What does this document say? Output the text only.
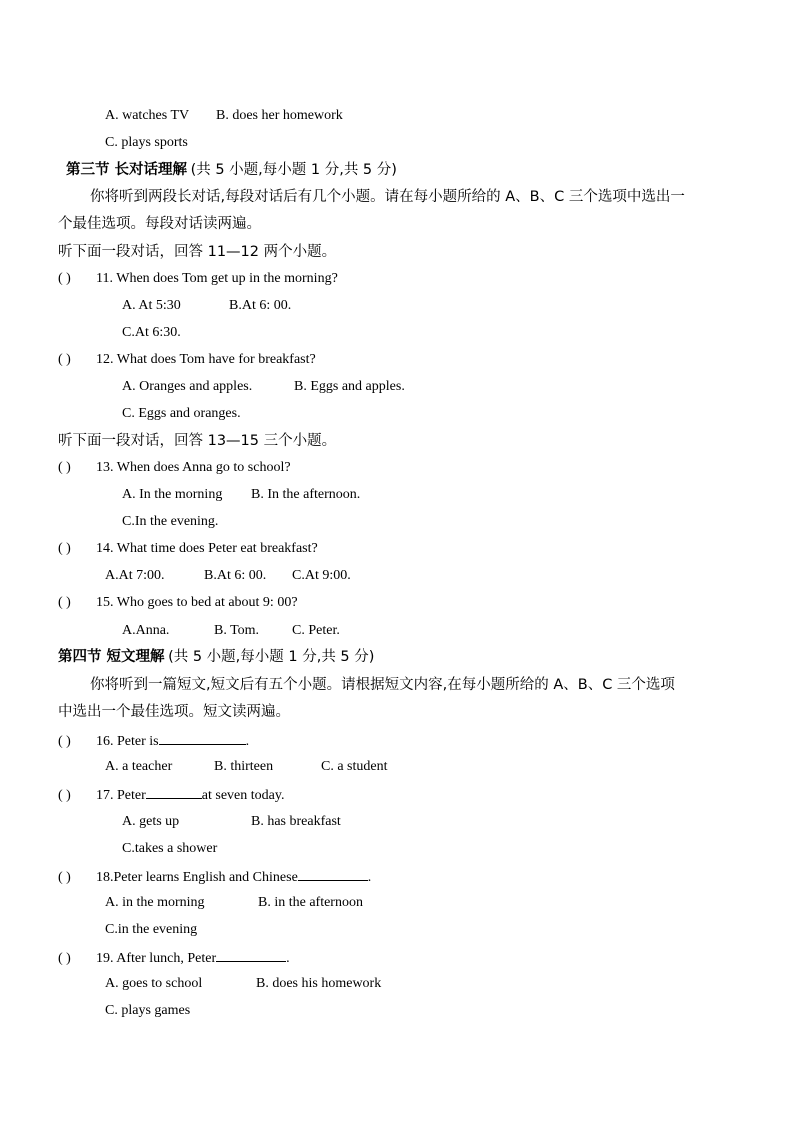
A. watches TV B. does her homework
C. plays sports
第三节 长对话理解 (共 5 小题,每小题 1 分,共 5 分)
你将听到两段长对话,每段对话后有几个小题。请在每小题所给的 A、B、C 三个选项中选出一
个最佳选项。每段对话读两遍。
听下面一段对话，回答 11—12 两个小题。
( ) 11. When does Tom get up in the morning?
A. At 5:30	B.At 6: 00.
C.At 6:30.
( ) 12. What does Tom have for breakfast?
A. Oranges and apples.	B. Eggs and apples.
C. Eggs and oranges.
听下面一段对话，回答 13—15 三个小题。
( ) 13. When does Anna go to school?
A. In the morning B. In the afternoon.
C.In the evening.
( ) 14. What time does Peter eat breakfast?
A.At 7:00.	B.At 6: 00. C.At 9:00.
( ) 15. Who goes to bed at about 9: 00?
A.Anna.	B. Tom. C. Peter.
第四节 短文理解 (共 5 小题,每小题 1 分,共 5 分)
你将听到一篇短文,短文后有五个小题。请根据短文内容,在每小题所给的 A、B、C 三个选项
中选出一个最佳选项。短文读两遍。
( ) 16. Peter is	.
A. a teacher	B. thirteen	C. a student
( ) 17. Peter	at seven today.
A. gets up	B. has breakfast
C.takes a shower
( ) 18.Peter learns English and Chinese	.
A. in the morning	B. in the afternoon
C.in the evening
( ) 19. After lunch, Peter	.
A. goes to school	B. does his homework
C. plays games
